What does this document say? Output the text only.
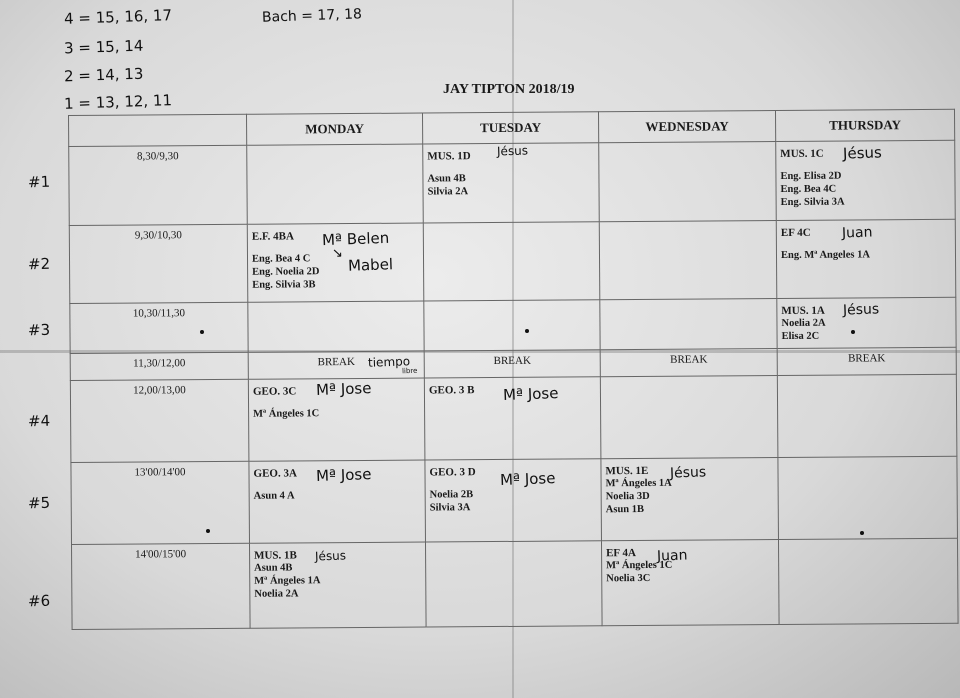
4 = 15, 16, 17
3 = 15, 14
2 = 14, 13
1 = 13, 12, 11
Bach = 17, 18
JAY TIPTON 2018/19
#1
#2
#3
#4
#5
#6
	MONDAY	TUESDAY	WEDNESDAY	THURSDAY
8,30/9,30		MUS. 1D
Asun 4B
Silvia 2A		MUS. 1C
Eng. Elisa 2D
Eng. Bea 4C
Eng. Silvia 3A

9,30/10,30	E.F. 4BA
Eng. Bea 4 C
Eng. Noelia 2D
Eng. Silvia 3B			EF 4C
Eng. Mª Angeles 1A

10,30/11,30				MUS. 1A
Noelia 2A
Elisa 2C

11,30/12,00	BREAK	BREAK	BREAK	BREAK
12,00/13,00	GEO. 3C
Mª Ángeles 1C	GEO. 3 B		

13'00/14'00	GEO. 3A
Asun 4 A	GEO. 3 D
Noelia 2B
Silvia 3A	MUS. 1E
Mª Ángeles 1A
Noelia 3D
Asun 1B	

14'00/15'00	MUS. 1B
Asun 4B
Mª Ángeles 1A
Noelia 2A		EF 4A
Mª Ángeles 1C
Noelia 3C	

Jésus	Jésus
Juan
Mª Belen
↘
Mabel
Jésus
tiempo
libre
Mª Jose	Mª Jose
Mª Jose	Mª Jose	Jésus
Jésus	Juan
